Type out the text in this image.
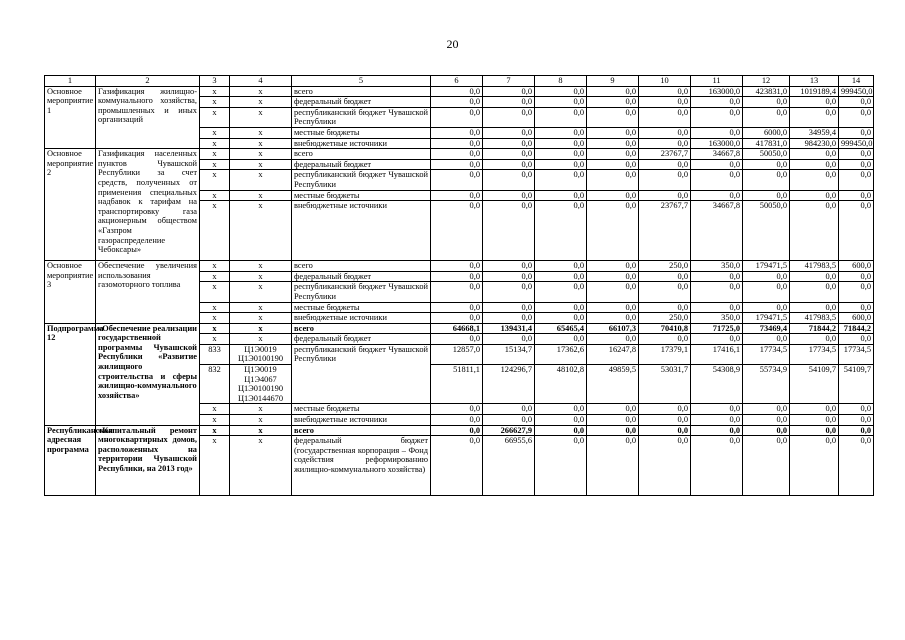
20
1	2	3	4	5	6	7	8	9	10	11	12	13	14
Основное мероприятие 1	Газификация жилищно-коммунального хозяйства, промышленных и иных организаций	x	x	всего	0,0	0,0	0,0	0,0	0,0	163000,0	423831,0	1019189,4	999450,0
		x	x	федеральный бюджет	0,0	0,0	0,0	0,0	0,0	0,0	0,0	0,0	0,0
		x	x	республиканский бюджет Чувашской Республики	0,0	0,0	0,0	0,0	0,0	0,0	0,0	0,0	0,0
		x	x	местные бюджеты	0,0	0,0	0,0	0,0	0,0	0,0	6000,0	34959,4	0,0
		x	x	внебюджетные источники	0,0	0,0	0,0	0,0	0,0	163000,0	417831,0	984230,0	999450,0
Основное мероприятие 2	Газификация населенных пунктов Чувашской Республики за счет средств, полученных от применения специальных надбавок к тарифам на транспортировку газа акционерным обществом «Газпром газораспределение Чебоксары»	x	x	всего	0,0	0,0	0,0	0,0	23767,7	34667,8	50050,0	0,0	0,0
		x	x	федеральный бюджет	0,0	0,0	0,0	0,0	0,0	0,0	0,0	0,0	0,0
		x	x	республиканский бюджет Чувашской Республики	0,0	0,0	0,0	0,0	0,0	0,0	0,0	0,0	0,0
		x	x	местные бюджеты	0,0	0,0	0,0	0,0	0,0	0,0	0,0	0,0	0,0
		x	x	внебюджетные источники	0,0	0,0	0,0	0,0	23767,7	34667,8	50050,0	0,0	0,0
Основное мероприятие 3	Обеспечение увеличения использования газомоторного топлива	x	x	всего	0,0	0,0	0,0	0,0	250,0	350,0	179471,5	417983,5	600,0
		x	x	федеральный бюджет	0,0	0,0	0,0	0,0	0,0	0,0	0,0	0,0	0,0
		x	x	республиканский бюджет Чувашской Республики	0,0	0,0	0,0	0,0	0,0	0,0	0,0	0,0	0,0
		x	x	местные бюджеты	0,0	0,0	0,0	0,0	0,0	0,0	0,0	0,0	0,0
		x	x	внебюджетные источники	0,0	0,0	0,0	0,0	250,0	350,0	179471,5	417983,5	600,0
Подпрограмма 12	«Обеспечение реализации государственной программы Чувашской Республики «Развитие жилищного строительства и сферы жилищно-коммунального хозяйства»	x	x	всего	64668,1	139431,4	65465,4	66107,3	70410,8	71725,0	73469,4	71844,2	71844,2
		x	x	федеральный бюджет	0,0	0,0	0,0	0,0	0,0	0,0	0,0	0,0	0,0
		833	Ц1Э0019 Ц1Э0100190	республиканский бюджет Чувашской Республики	12857,0	15134,7	17362,6	16247,8	17379,1	17416,1	17734,5	17734,5	17734,5
		832	Ц1Э0019 Ц1Э4067 Ц1Э0100190 Ц1Э0144670		51811,1	124296,7	48102,8	49859,5	53031,7	54308,9	55734,9	54109,7	54109,7
		x	x	местные бюджеты	0,0	0,0	0,0	0,0	0,0	0,0	0,0	0,0	0,0
		x	x	внебюджетные источники	0,0	0,0	0,0	0,0	0,0	0,0	0,0	0,0	0,0
Республиканская адресная программа	«Капитальный ремонт многоквартирных домов, расположенных на территории Чувашской Республики, на 2013 год»	x	x	всего	0,0	266627,9	0,0	0,0	0,0	0,0	0,0	0,0	0,0
		x	x	федеральный бюджет (государственная корпорация – Фонд содействия реформированию жилищно-коммунального хозяйства)	0,0	66955,6	0,0	0,0	0,0	0,0	0,0	0,0	0,0
